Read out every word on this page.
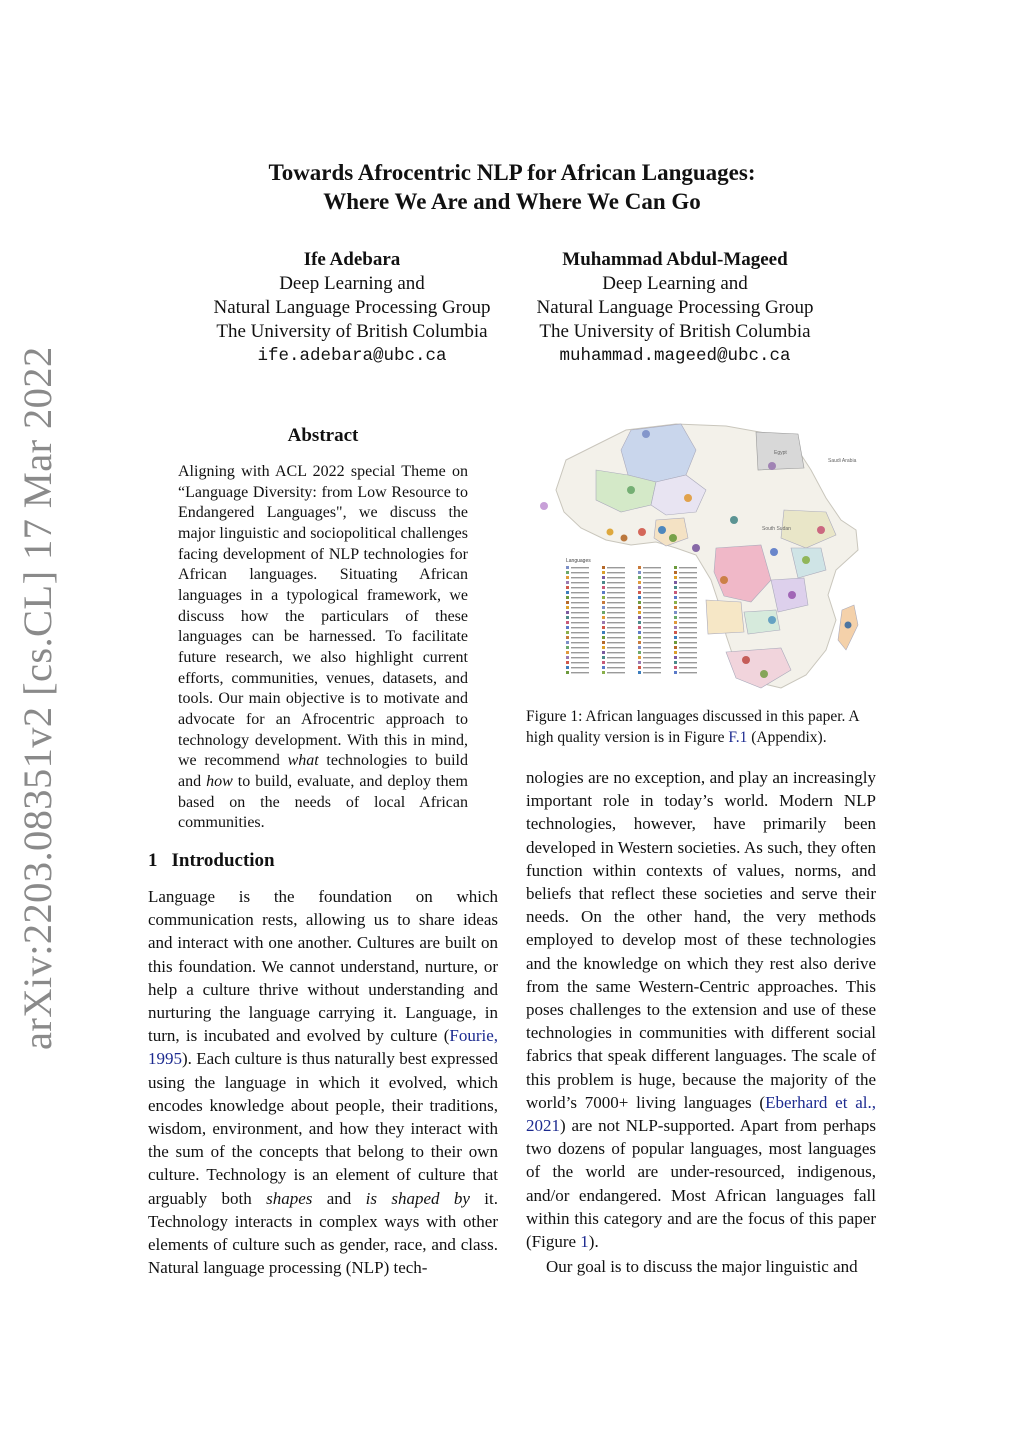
arXiv:2203.08351v2 [cs.CL] 17 Mar 2022
Towards Afrocentric NLP for African Languages:
Where We Are and Where We Can Go
Ife Adebara
Deep Learning and
Natural Language Processing Group
The University of British Columbia
ife.adebara@ubc.ca
Muhammad Abdul-Mageed
Deep Learning and
Natural Language Processing Group
The University of British Columbia
muhammad.mageed@ubc.ca
Abstract
Aligning with ACL 2022 special Theme on “Language Diversity: from Low Resource to Endangered Languages", we discuss the major linguistic and sociopolitical challenges facing development of NLP technologies for African languages. Situating African languages in a typological framework, we discuss how the particulars of these languages can be harnessed. To facilitate future research, we also highlight current efforts, communities, venues, datasets, and tools. Our main objective is to motivate and advocate for an Afrocentric approach to technology development. With this in mind, we recommend what technologies to build and how to build, evaluate, and deploy them based on the needs of local African communities.
1 Introduction

Language is the foundation on which communication rests, allowing us to share ideas and interact with one another. Cultures are built on this foundation. We cannot understand, nurture, or help a culture thrive without understanding and nurturing the language carrying it. Language, in turn, is incubated and evolved by culture (Fourie, 1995). Each culture is thus naturally best expressed using the language in which it evolved, which encodes knowledge about people, their traditions, wisdom, environment, and how they interact with the sum of the concepts that belong to their own culture. Technology is an element of culture that arguably both shapes and is shaped by it. Technology interacts in complex ways with other elements of culture such as gender, race, and class. Natural language processing (NLP) tech-

Egypt
Saudi Arabia
South Sudan
Languages
Figure 1: African languages discussed in this paper. A high quality version is in Figure F.1 (Appendix).

nologies are no exception, and play an increasingly important role in today’s world. Modern NLP technologies, however, have primarily been developed in Western societies. As such, they often function within contexts of values, norms, and beliefs that reflect these societies and serve their needs. On the other hand, the very methods employed to develop most of these technologies and the knowledge on which they rest also derive from the same Western-Centric approaches. This poses challenges to the extension and use of these technologies in communities with different social fabrics that speak different languages. The scale of this problem is huge, because the majority of the world’s 7000+ living languages (Eberhard et al., 2021) are not NLP-supported. Apart from perhaps two dozens of popular languages, most languages of the world are under-resourced, indigenous, and/or endangered. Most African languages fall within this category and are the focus of this paper (Figure 1).

Our goal is to discuss the major linguistic and
